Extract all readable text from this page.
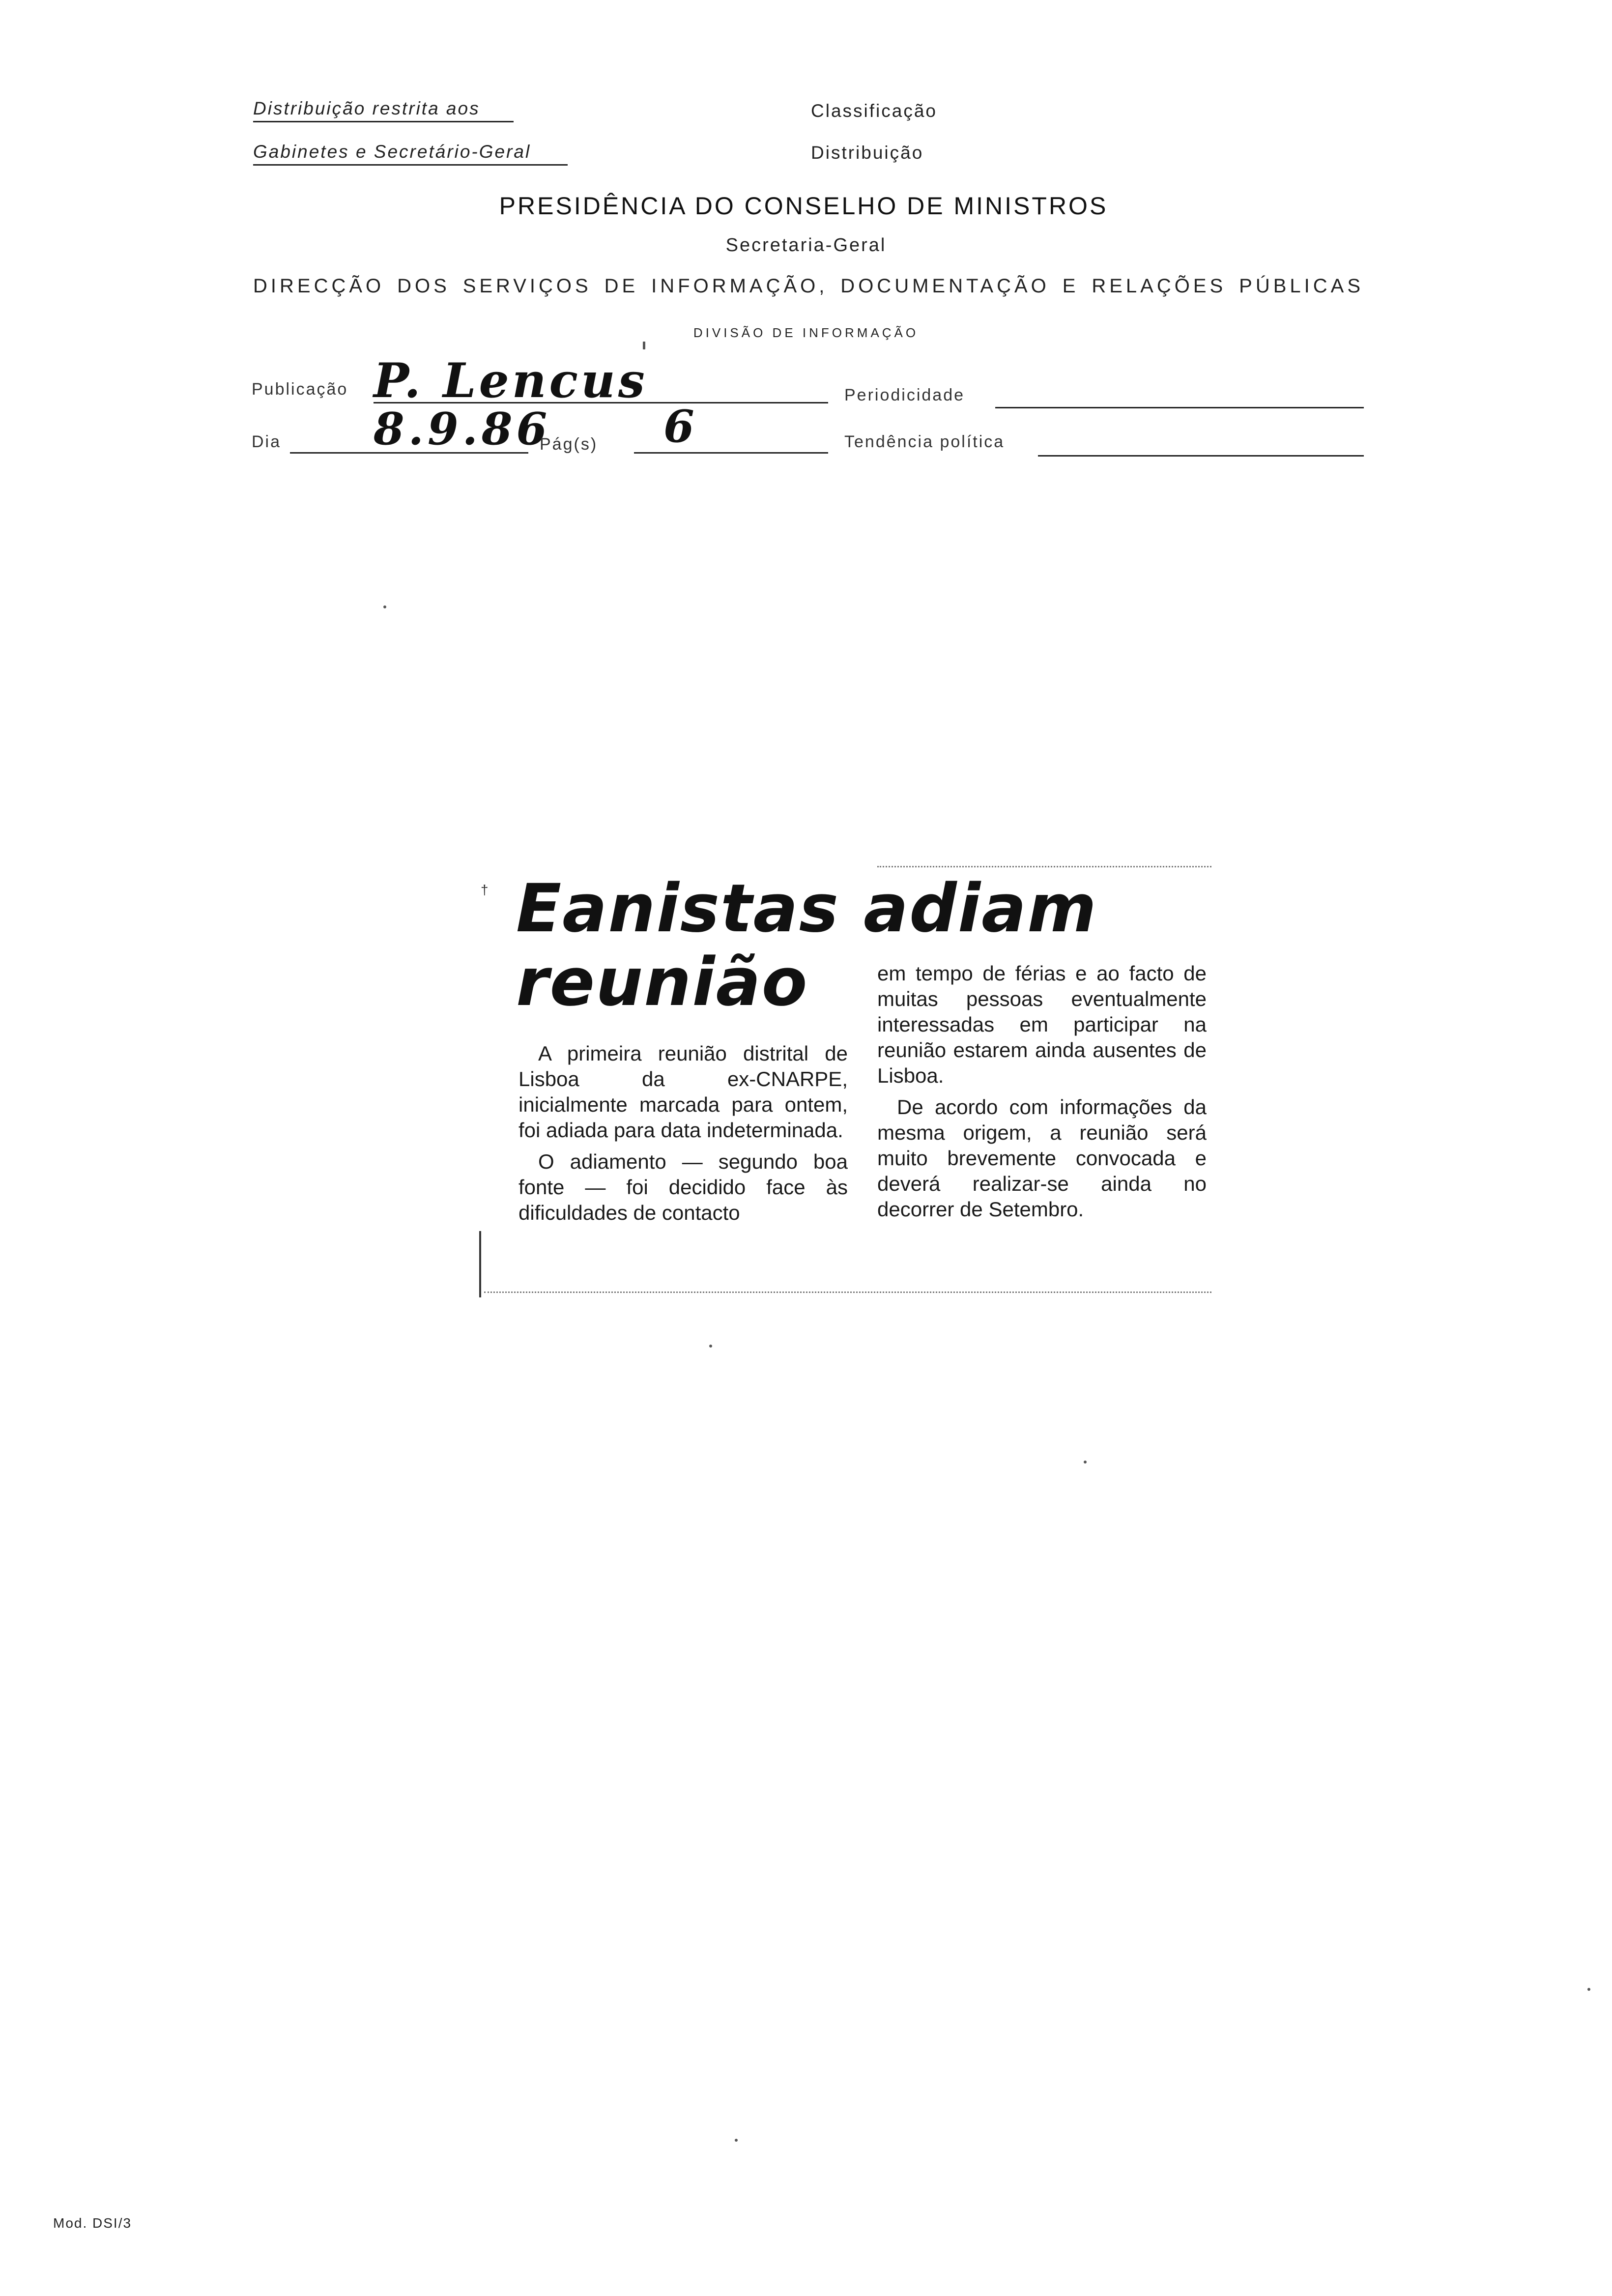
Distribuição restrita aos
Gabinetes e Secretário-Geral
Classificação
Distribuição
PRESIDÊNCIA DO CONSELHO DE MINISTROS
Secretaria-Geral
DIRECÇÃO DOS SERVIÇOS DE INFORMAÇÃO, DOCUMENTAÇÃO E RELAÇÕES PÚBLICAS
DIVISÃO DE INFORMAÇÃO
Publicação P. Lencus	Periodicidade
Dia 8.9.86
Pág(s) 6	Tendência política
† Eanistas adiam
reunião

A primeira reunião distrital de Lisboa da ex-CNARPE, inicialmente marcada para ontem, foi adiada para data indeterminada.

O adiamento — segundo boa fonte — foi decidido face às dificuldades de contacto

em tempo de férias e ao facto de muitas pessoas eventualmente interessadas em participar na reunião estarem ainda ausentes de Lisboa.

De acordo com informações da mesma origem, a reunião será muito brevemente convocada e deverá realizar-se ainda no decorrer de Setembro.

Mod. DSI/3
